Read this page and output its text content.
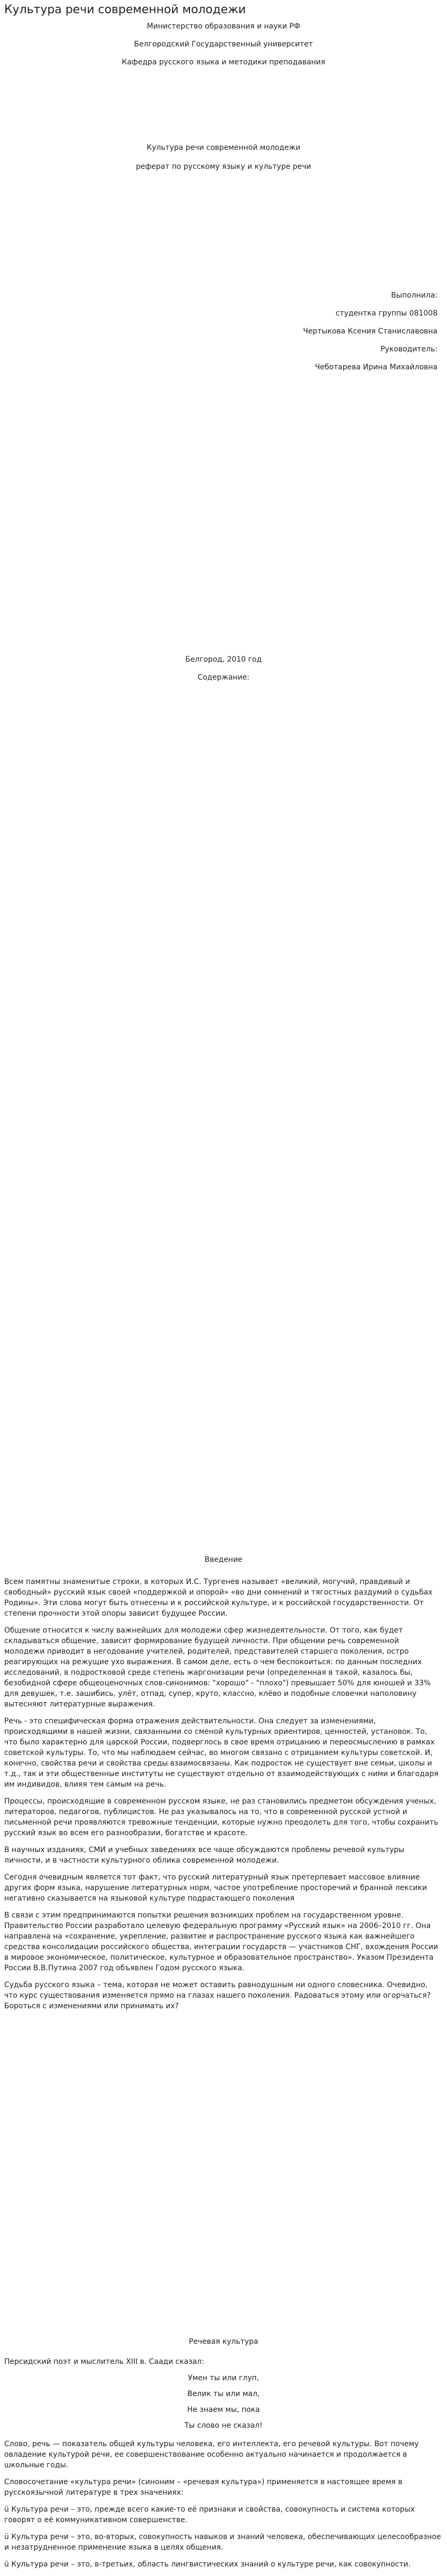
Культура речи современной молодежи
Министерство образования и науки РФ
Белгородский Государственный университет
Кафедра русского языка и методики преподавания
Культура речи современной молодежи
реферат по русскому языку и культуре речи
Выполнила:
студентка группы 081008
Чертыкова Ксения Станиславовна
Руководитель:
Чеботарева Ирина Михайловна
Белгород, 2010 год
Содержание:
Введение

Всем памятны знаменитые строки, в которых И.С. Тургенев называет «великий, могучий, правдивый и свободный» русский язык своей «поддержкой и опорой» «во дни сомнений и тягостных раздумий о судьбах Родины». Эти слова могут быть отнесены и к российской культуре, и к российской государственности. От степени прочности этой опоры зависит будущее России.

Общение относится к числу важнейших для молодежи сфер жизнедеятельности. От того, как будет складываться общение, зависит формирование будущей личности. При общении речь современной молодежи приводит в негодование учителей, родителей, представителей старшего поколения, остро реагирующих на режущие ухо выражения. В самом деле, есть о чем беспокоиться: по данным последних исследований, в подростковой среде степень жаргонизации речи (определенная в такой, казалось бы, безобидной сфере общеоценочных слов-синонимов: "хорошо" - "плохо") превышает 50% для юношей и 33% для девушек, т.е. зашибись, улёт, отпад, супер, круто, классно, клёво и подобные словечки наполовину вытесняют литературные выражения.

Речь - это специфическая форма отражения действительности. Она следует за изменениями, происходящими в нашей жизни, связанными со сменой культурных ориентиров, ценностей, установок. То, что было характерно для царской России, подверглось в свое время отрицанию и переосмыслению в рамках советской культуры. То, что мы наблюдаем сейчас, во многом связано с отрицанием культуры советской. И, конечно, свойства речи и свойства среды взаимосвязаны. Как подросток не существует вне семьи, школы и т.д., так и эти общественные институты не существуют отдельно от взаимодействующих с ними и благодаря им индивидов, влияя тем самым на речь.

Процессы, происходящие в современном русском языке, не раз становились предметом обсуждения ученых, литераторов, педагогов, публицистов. Не раз указывалось на то, что в современной русской устной и письменной речи проявляются тревожные тенденции, которые нужно преодолеть для того, чтобы сохранить русский язык во всем его разнообразии, богатстве и красоте.

В научных изданиях, СМИ и учебных заведениях все чаще обсуждаются проблемы речевой культуры личности, и в частности культурного облика современной молодежи.

Сегодня очевидным является тот факт, что русский литературный язык претерпевает массовое влияние других форм языка, нарушение литературных норм, частое употребление просторечий и бранной лексики негативно сказывается на языковой культуре подрастающего поколения

В связи с этим предпринимаются попытки решения возникших проблем на государственном уровне. Правительство России разработало целевую федеральную программу «Русский язык» на 2006–2010 гг. Она направлена на «сохранение, укрепление, развитие и распространение русского языка как важнейшего средства консолидации российского общества, интеграции государств — участников СНГ, вхождения России в мировое экономическое, политическое, культурное и образовательное пространство». Указом Президента России В.В.Путина 2007 год объявлен Годом русского языка.

Судьба русского языка – тема, которая не может оставить равнодушным ни одного словесника. Очевидно, что курс существования изменяется прямо на глазах нашего поколения. Радоваться этому или огорчаться? Бороться с изменениями или принимать их?

Речевая культура
Персидский поэт и мыслитель XIII в. Саади сказал:
Умен ты или глуп,
Велик ты или мал,
Не знаем мы, пока
Ты слово не сказал!

Слово, речь — показатель общей культуры человека, его интеллекта, его речевой культуры. Вот почему овладение культурой речи, ее совершенствование особенно актуально начинается и продолжается в школьные годы.

Словосочетание «культура речи» (синоним – «речевая культура») применяется в настоящее время в русскоязычной литературе в трех значениях:

ü Культура речи – это, прежде всего какие-то её признаки и свойства, совокупность и система которых говорят о её коммуникативном совершенстве.

ü Культура речи – это, во-вторых, совокупность навыков и знаний человека, обеспечивающих целесообразное и незатрудненное применение языка в целях общения.

ü Культура речи – это, в-третьих, область лингвистических знаний о культуре речи, как совокупности.
